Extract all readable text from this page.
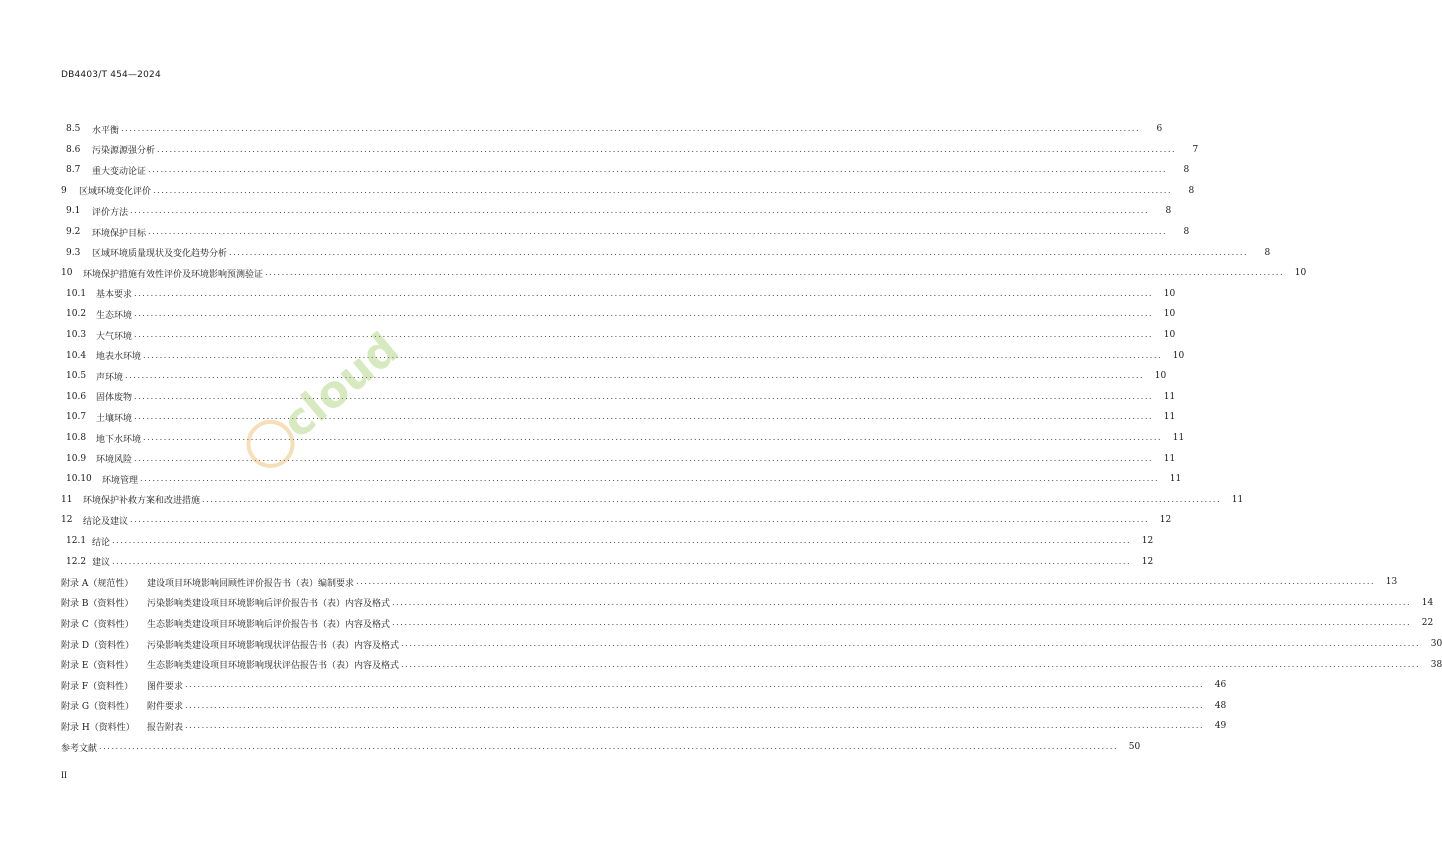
DB4403/T 454—2024
8.5	水平衡 .....	6
8.6	污染源源强分析 .....	7
8.7	重大变动论证 .....	8
9	区域环境变化评价 .....	8
9.1	评价方法 .....	8
9.2	环境保护目标 .....	8
9.3	区域环境质量现状及变化趋势分析 .....	8
10	环境保护措施有效性评价及环境影响预测验证 .....	10
10.1	基本要求 .....	10
10.2	生态环境 .....	10
10.3	大气环境 .....	10
10.4	地表水环境 .....	10
10.5	声环境 .....	10
10.6	固体废物 .....	11
10.7	土壤环境 .....	11
10.8	地下水环境 .....	11
10.9	环境风险 .....	11
10.10	环境管理 .....	11
11	环境保护补救方案和改进措施 .....	11
12	结论及建议 .....	12
12.1 结论 .....	12
12.2 建议 .....	12
附录 A（规范性）	建设项目环境影响回顾性评价报告书（表）编制要求 .....	13
附录 B（资料性）	污染影响类建设项目环境影响后评价报告书（表）内容及格式 .....	14
附录 C（资料性）	生态影响类建设项目环境影响后评价报告书（表）内容及格式 .....	22
附录 D（资料性）	污染影响类建设项目环境影响现状评估报告书（表）内容及格式 .....	30
附录 E（资料性）	生态影响类建设项目环境影响现状评估报告书（表）内容及格式 .....	38
附录 F（资料性）	图件要求 .....	46
附录 G（资料性）	附件要求 .....	48
附录 H（资料性）	报告附表 .....	49
参考文献 .....	50
II
cloud
